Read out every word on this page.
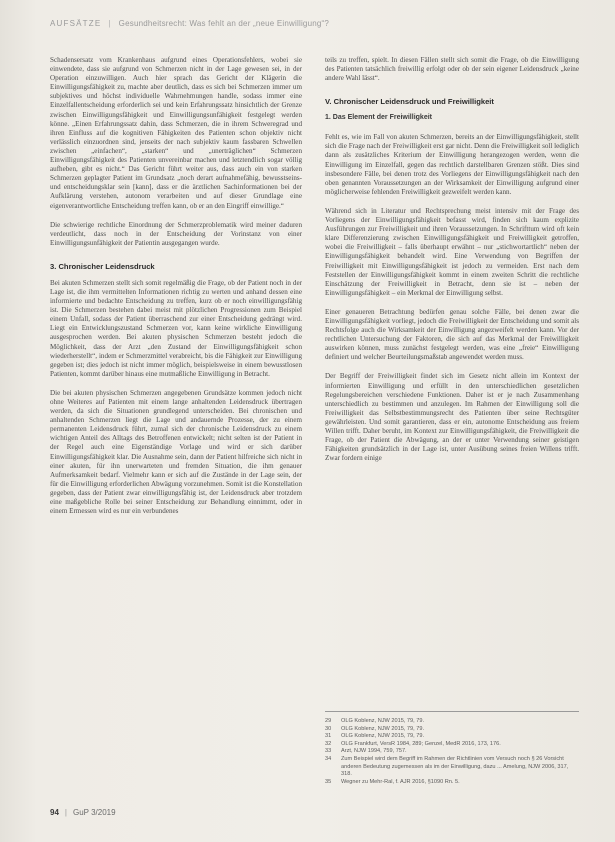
AUFSÄTZE | Gesundheitsrecht: Was fehlt an der „neue Einwilligung“?

Schadensersatz vom Krankenhaus aufgrund eines Operationsfehlers, wobei sie einwendete, dass sie aufgrund von Schmerzen nicht in der Lage gewesen sei, in der Operation einzuwilligen. Auch hier sprach das Gericht der Klägerin die Einwilligungsfähigkeit zu, machte aber deutlich, dass es sich bei Schmerzen immer um subjektives und höchst individuelle Wahrnehmungen handle, sodass immer eine Einzelfallentscheidung erforderlich sei und kein Erfahrungssatz hinsichtlich der Grenze zwischen Einwilligungsfähigkeit und Einwilligungsunfähigkeit festgelegt werden könne. „Einen Erfahrungssatz dahin, dass Schmerzen, die in ihrem Schweregrad und ihren Einfluss auf die kognitiven Fähigkeiten des Patienten schon objektiv nicht verlässlich einzuordnen sind, jenseits der nach subjektiv kaum fassbaren Schwellen zwischen „einfachen“, „starken“ und „unerträglichen“ Schmerzen Einwilligungsfähigkeit des Patienten unvereinbar machen und letztendlich sogar völlig aufheben, gibt es nicht.“ Das Gericht führt weiter aus, dass auch ein von starken Schmerzen geplagter Patient im Grundsatz „noch derart aufnahmefähig, bewusstseins- und entscheidungsklar sein [kann], dass er die ärztlichen Sachinformationen bei der Aufklärung verstehen, autonom verarbeiten und auf dieser Grundlage eine eigenverantwortliche Entscheidung treffen kann, ob er an den Eingriff einwillige.“

Die schwierige rechtliche Einordnung der Schmerzproblematik wird meiner daduren verdeutlicht, dass noch in der Entscheidung der Vorinstanz von einer Einwilligungsunfähigkeit der Patientin ausgegangen wurde.

3. Chronischer Leidensdruck

Bei akuten Schmerzen stellt sich somit regelmäßig die Frage, ob der Patient noch in der Lage ist, die ihm vermittelten Informationen richtig zu werten und anhand dessen eine informierte und bedachte Entscheidung zu treffen, kurz ob er noch einwilligungsfähig ist. Die Schmerzen bestehen dabei meist mit plötzlichen Progressionen zum Beispiel einem Unfall, sodass der Patient überraschend zur einer Entscheidung gedrängt wird. Liegt ein Entwicklungszustand Schmerzen vor, kann keine wirkliche Einwilligung ausgesprochen werden. Bei akuten physischen Schmerzen besteht jedoch die Möglichkeit, dass der Arzt „den Zustand der Einwilligungsfähigkeit schon wiederherstellt“, indem er Schmerzmittel verabreicht, bis die Fähigkeit zur Einwilligung gegeben ist; dies jedoch ist nicht immer möglich, beispielsweise in einem bewusstlosen Patienten, kommt darüber hinaus eine mutmaßliche Einwilligung in Betracht.

Die bei akuten physischen Schmerzen angegebenen Grundsätze kommen jedoch nicht ohne Weiteres auf Patienten mit einem lange anhaltenden Leidensdruck übertragen werden, da sich die Situationen grundlegend unterscheiden. Bei chronischen und anhaltenden Schmerzen liegt die Lage und andauernde Prozesse, der zu einem permanenten Leidensdruck führt, zumal sich der chronische Leidensdruck zu einem wichtigen Anteil des Alltags des Betroffenen entwickelt; nicht selten ist der Patient in der Regel auch eine Eigenständige Vorlage und wird er sich darüber Einwilligungsfähigkeit klar. Die Ausnahme sein, dann der Patient hilfreiche sich nicht in einer akuten, für ihn unerwarteten und fremden Situation, die ihm genauer Aufmerksamkeit bedarf. Vielmehr kann er sich auf die Zustände in der Lage sein, der für die Einwilligung erforderlichen Abwägung vorzunehmen. Somit ist die Konstellation gegeben, dass der Patient zwar einwilligungsfähig ist, der Leidensdruck aber trotzdem eine maßgebliche Rolle bei seiner Entscheidung zur Behandlung einnimmt, oder in einem Ermessen wird es nur ein verbundenes

teils zu treffen, spielt. In diesen Fällen stellt sich somit die Frage, ob die Einwilligung des Patienten tatsächlich freiwillig erfolgt oder ob der sein eigener Leidensdruck „keine andere Wahl lässt“.

V. Chronischer Leidensdruck und Freiwilligkeit
1. Das Element der Freiwilligkeit

Fehlt es, wie im Fall von akuten Schmerzen, bereits an der Einwilligungsfähigkeit, stellt sich die Frage nach der Freiwilligkeit erst gar nicht. Denn die Freiwilligkeit soll lediglich dann als zusätzliches Kriterium der Einwilligung herangezogen werden, wenn die Einwilligung im Einzelfall, gegen das rechtlich darstellbaren Grenzen stößt. Dies sind insbesondere Fälle, bei denen trotz des Vorliegens der Einwilligungsfähigkeit nach den oben genannten Voraussetzungen an der Wirksamkeit der Einwilligung aufgrund einer möglicherweise fehlenden Freiwilligkeit gezweifelt werden kann.

Während sich in Literatur und Rechtsprechung meist intensiv mit der Frage des Vorliegens der Einwilligungsfähigkeit befasst wird, finden sich kaum explizite Ausführungen zur Freiwilligkeit und ihren Voraussetzungen. In Schrifttum wird oft kein klare Differenzierung zwischen Einwilligungsfähigkeit und Freiwilligkeit getroffen, wobei die Freiwilligkeit – falls überhaupt erwähnt – nur „stichwortartlich“ neben der Einwilligungsfähigkeit behandelt wird. Eine Verwendung von Begriffen der Freiwilligkeit mit Einwilligungsfähigkeit ist jedoch zu vermeiden. Erst nach dem Feststellen der Einwilligungsfähigkeit kommt in einem zweiten Schritt die rechtliche Einschätzung der Freiwilligkeit in Betracht, denn sie ist – neben der Einwilligungsfähigkeit – ein Merkmal der Einwilligung selbst.

Einer genaueren Betrachtung bedürfen genau solche Fälle, bei denen zwar die Einwilligungsfähigkeit vorliegt, jedoch die Freiwilligkeit der Entscheidung und somit als Rechtsfolge auch die Wirksamkeit der Einwilligung angezweifelt werden kann. Vor der rechtlichen Untersuchung der Faktoren, die sich auf das Merkmal der Freiwilligkeit auswirken können, muss zunächst festgelegt werden, was eine „freie“ Einwilligung definiert und welcher Beurteilungsmaßstab angewendet werden muss.

Der Begriff der Freiwilligkeit findet sich im Gesetz nicht allein im Kontext der informierten Einwilligung und erfüllt in den unterschiedlichen gesetzlichen Regelungsbereichen verschiedene Funktionen. Daher ist er je nach Zusammenhang unterschiedlich zu bestimmen und anzulegen. Im Rahmen der Einwilligung soll die Freiwilligkeit das Selbstbestimmungsrecht des Patienten über seine Rechtsgüter gewährleisten. Und somit garantieren, dass er ein, autonome Entscheidung aus freiem Willen trifft. Daher beruht, im Kontext zur Einwilligungsfähigkeit, die Freiwilligkeit die Frage, ob der Patient die Abwägung, an der er unter Verwendung seiner geistigen Fähigkeiten grundsätzlich in der Lage ist, unter Ausübung seines freien Willens trifft. Zwar fordern einige

29	OLG Koblenz, NJW 2015, 79, 79.
30	OLG Koblenz, NJW 2015, 79, 79.
31	OLG Koblenz, NJW 2015, 79, 79.
32	OLG Frankfurt, VersR 1984, 289; Genzel, MedR 2016, 173, 176.
33	Arzt, NJW 1994, 759, 757.
34	Zum Beispiel wird dem Begriff im Rahmen der Richtlinien vom Versuch noch § 26 Vorsicht anderen Bedeutung zugemessen als im der Einwilligung, dazu ... Amelung, NJW 2006, 317, 318.
35	Wegner zu Mehr-Ral, f. AJR 2016, §1090 Rn. 5.
94 | GuP 3/2019
